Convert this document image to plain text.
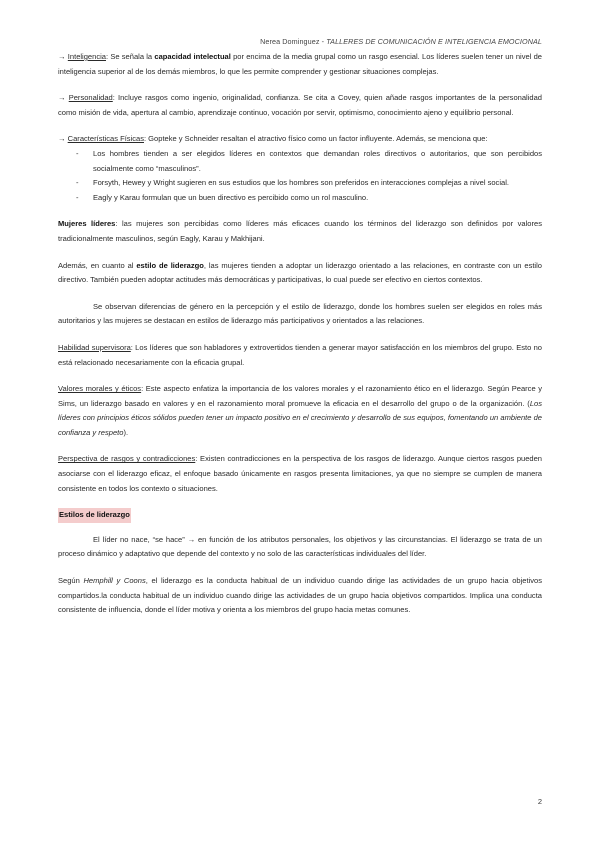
Nerea Dominguez - TALLERES DE COMUNICACIÓN E INTELIGENCIA EMOCIONAL

→ Inteligencia: Se señala la capacidad intelectual por encima de la media grupal como un rasgo esencial. Los líderes suelen tener un nivel de inteligencia superior al de los demás miembros, lo que les permite comprender y gestionar situaciones complejas.

→ Personalidad: Incluye rasgos como ingenio, originalidad, confianza. Se cita a Covey, quien añade rasgos importantes de la personalidad como misión de vida, apertura al cambio, aprendizaje continuo, vocación por servir, optimismo, conocimiento ajeno y equilibrio personal.

→ Características Físicas: Gopteke y Schneider resaltan el atractivo físico como un factor influyente. Además, se menciona que:

- Los hombres tienden a ser elegidos líderes en contextos que demandan roles directivos o autoritarios, que son percibidos socialmente como “masculinos”.
- Forsyth, Hewey y Wright sugieren en sus estudios que los hombres son preferidos en interacciones complejas a nivel social.
- Eagly y Karau formulan que un buen directivo es percibido como un rol masculino.

Mujeres líderes: las mujeres son percibidas como líderes más eficaces cuando los términos del liderazgo son definidos por valores tradicionalmente masculinos, según Eagly, Karau y Makhijani.

Además, en cuanto al estilo de liderazgo, las mujeres tienden a adoptar un liderazgo orientado a las relaciones, en contraste con un estilo directivo. También pueden adoptar actitudes más democráticas y participativas, lo cual puede ser efectivo en ciertos contextos.

Se observan diferencias de género en la percepción y el estilo de liderazgo, donde los hombres suelen ser elegidos en roles más autoritarios y las mujeres se destacan en estilos de liderazgo más participativos y orientados a las relaciones.

Habilidad supervisora: Los líderes que son habladores y extrovertidos tienden a generar mayor satisfacción en los miembros del grupo. Esto no está relacionado necesariamente con la eficacia grupal.

Valores morales y éticos: Este aspecto enfatiza la importancia de los valores morales y el razonamiento ético en el liderazgo. Según Pearce y Sims, un liderazgo basado en valores y en el razonamiento moral promueve la eficacia en el desarrollo del grupo o de la organización. (Los líderes con principios éticos sólidos pueden tener un impacto positivo en el crecimiento y desarrollo de sus equipos, fomentando un ambiente de confianza y respeto).

Perspectiva de rasgos y contradicciones: Existen contradicciones en la perspectiva de los rasgos de liderazgo. Aunque ciertos rasgos pueden asociarse con el liderazgo eficaz, el enfoque basado únicamente en rasgos presenta limitaciones, ya que no siempre se cumplen de manera consistente en todos los contexto o situaciones.

Estilos de liderazgo

El líder no nace, “se hace” → en función de los atributos personales, los objetivos y las circunstancias. El liderazgo se trata de un proceso dinámico y adaptativo que depende del contexto y no solo de las características individuales del líder.

Según Hemphill y Coons, el liderazgo es la conducta habitual de un individuo cuando dirige las actividades de un grupo hacia objetivos compartidos.la conducta habitual de un individuo cuando dirige las actividades de un grupo hacia objetivos compartidos. Implica una conducta consistente de influencia, donde el líder motiva y orienta a los miembros del grupo hacia metas comunes.

2
